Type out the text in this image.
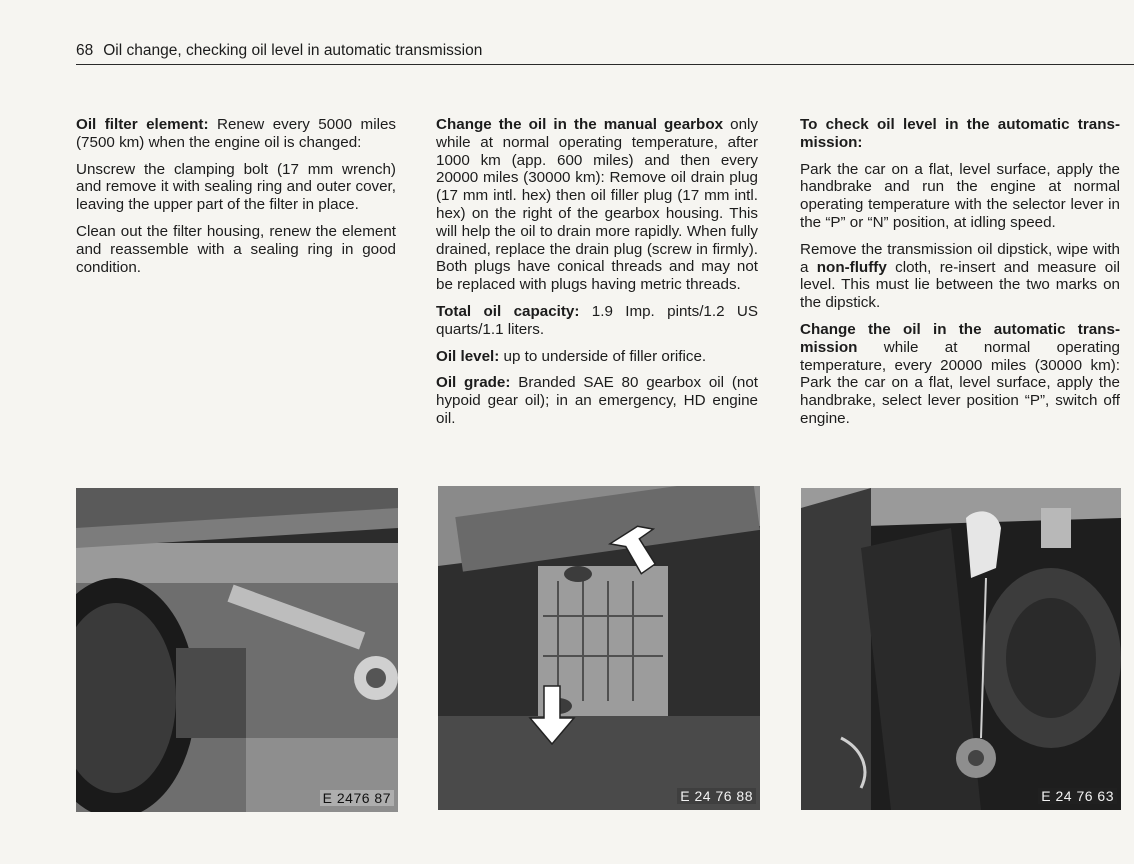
68 Oil change, checking oil level in automatic transmission

Oil filter element: Renew every 5000 miles (7500 km) when the engine oil is changed:

Unscrew the clamping bolt (17 mm wrench) and remove it with sealing ring and outer cover, leaving the upper part of the filter in place.

Clean out the filter housing, renew the element and reassemble with a sealing ring in good condition.

Change the oil in the manual gearbox only while at normal operating temperature, after 1000 km (app. 600 miles) and then every 20000 miles (30000 km): Remove oil drain plug (17 mm intl. hex) then oil filler plug (17 mm intl. hex) on the right of the gearbox housing. This will help the oil to drain more rapidly. When fully drained, replace the drain plug (screw in firmly). Both plugs have conical threads and may not be replaced with plugs having metric threads.

Total oil capacity: 1.9 Imp. pints/1.2 US quarts/1.1 liters.

Oil level: up to underside of filler orifice.

Oil grade: Branded SAE 80 gearbox oil (not hypoid gear oil); in an emergency, HD engine oil.

To check oil level in the automatic transmission:

Park the car on a flat, level surface, apply the handbrake and run the engine at normal operating temperature with the selector lever in the “P” or “N” position, at idling speed.

Remove the transmission oil dipstick, wipe with a non-fluffy cloth, re-insert and measure oil level. This must lie between the two marks on the dipstick.

Change the oil in the automatic transmission while at normal operating temperature, every 20000 miles (30000 km): Park the car on a flat, level surface, apply the handbrake, select lever position “P”, switch off engine.

E 2476 87	E 24 76 88	E 24 76 63
